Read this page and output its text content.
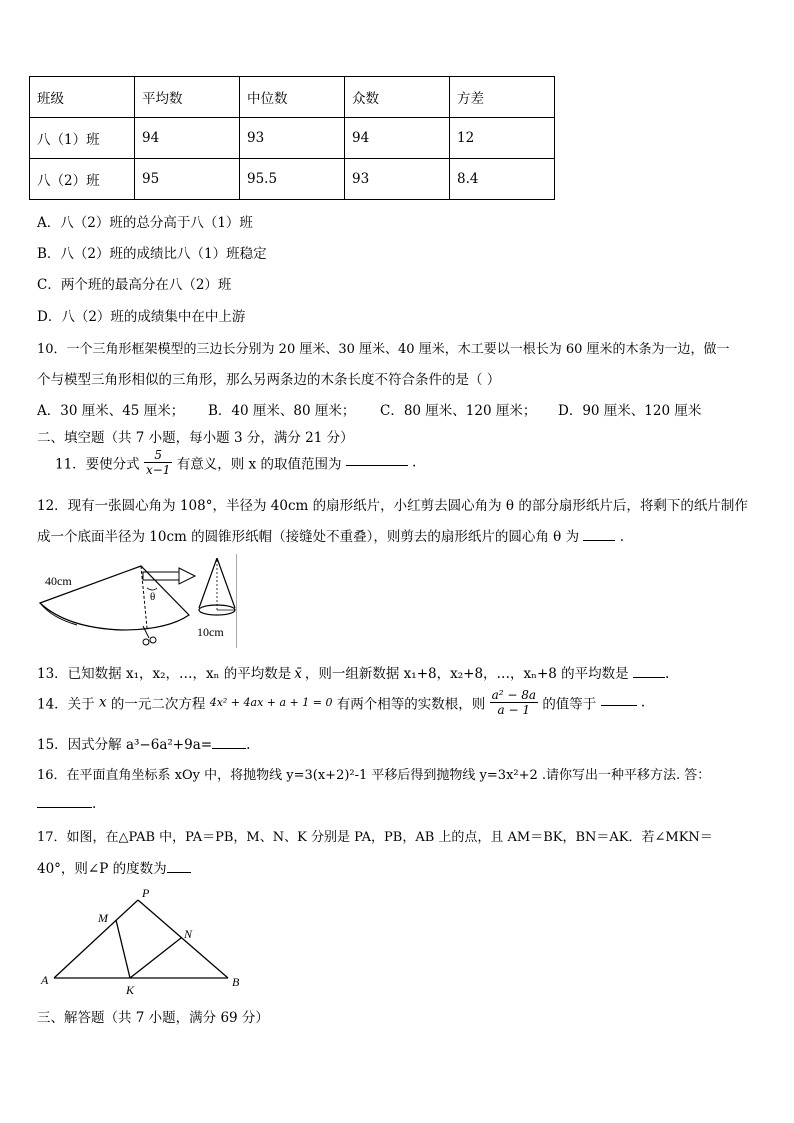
班级	平均数	中位数	众数	方差
八（1）班	94	93	94	12
八（2）班	95	95.5	93	8.4
A．八（2）班的总分高于八（1）班
B．八（2）班的成绩比八（1）班稳定
C．两个班的最高分在八（2）班
D．八（2）班的成绩集中在中上游
10．一个三角形框架模型的三边长分别为 20 厘米、30 厘米、40 厘米，木工要以一根长为 60 厘米的木条为一边，做一
个与模型三角形相似的三角形，那么另两条边的木条长度不符合条件的是（ ）
A．30 厘米、45 厘米； B．40 厘米、80 厘米； C．80 厘米、120 厘米； D．90 厘米、120 厘米
二、填空题（共 7 小题，每小题 3 分，满分 21 分）
11．要使分式 $\frac{5}{x-1}$ 有意义，则 x 的取值范围为	.
12．现有一张圆心角为 108°，半径为 40cm 的扇形纸片，小红剪去圆心角为 θ 的部分扇形纸片后，将剩下的纸片制作
成一个底面半径为 10cm 的圆锥形纸帽（接缝处不重叠），则剪去的扇形纸片的圆心角 θ 为	.
40cm
θ
10cm
13．已知数据 x₁，x₂，…，xₙ 的平均数是 x̄ ，则一组新数据 x₁+8，x₂+8，…，xₙ+8 的平均数是	.
14．关于 x 的一元二次方程 4x² + 4ax + a + 1 = 0 有两个相等的实数根，则 $\frac{\text{a² − 8a}}{a - 1}$ 的值等于	.
15．因式分解 a³−6a²+9a=	.
16．在平面直角坐标系 xOy 中，将抛物线 y=3(x+2)²-1 平移后得到抛物线 y=3x²+2 .请你写出一种平移方法. 答：
.
17．如图，在△PAB 中，PA＝PB，M、N、K 分别是 PA，PB，AB 上的点，且 AM＝BK，BN＝AK．若∠MKN＝
40°，则∠P 的度数为
P
M
N
A
K
B
三、解答题（共 7 小题，满分 69 分）
